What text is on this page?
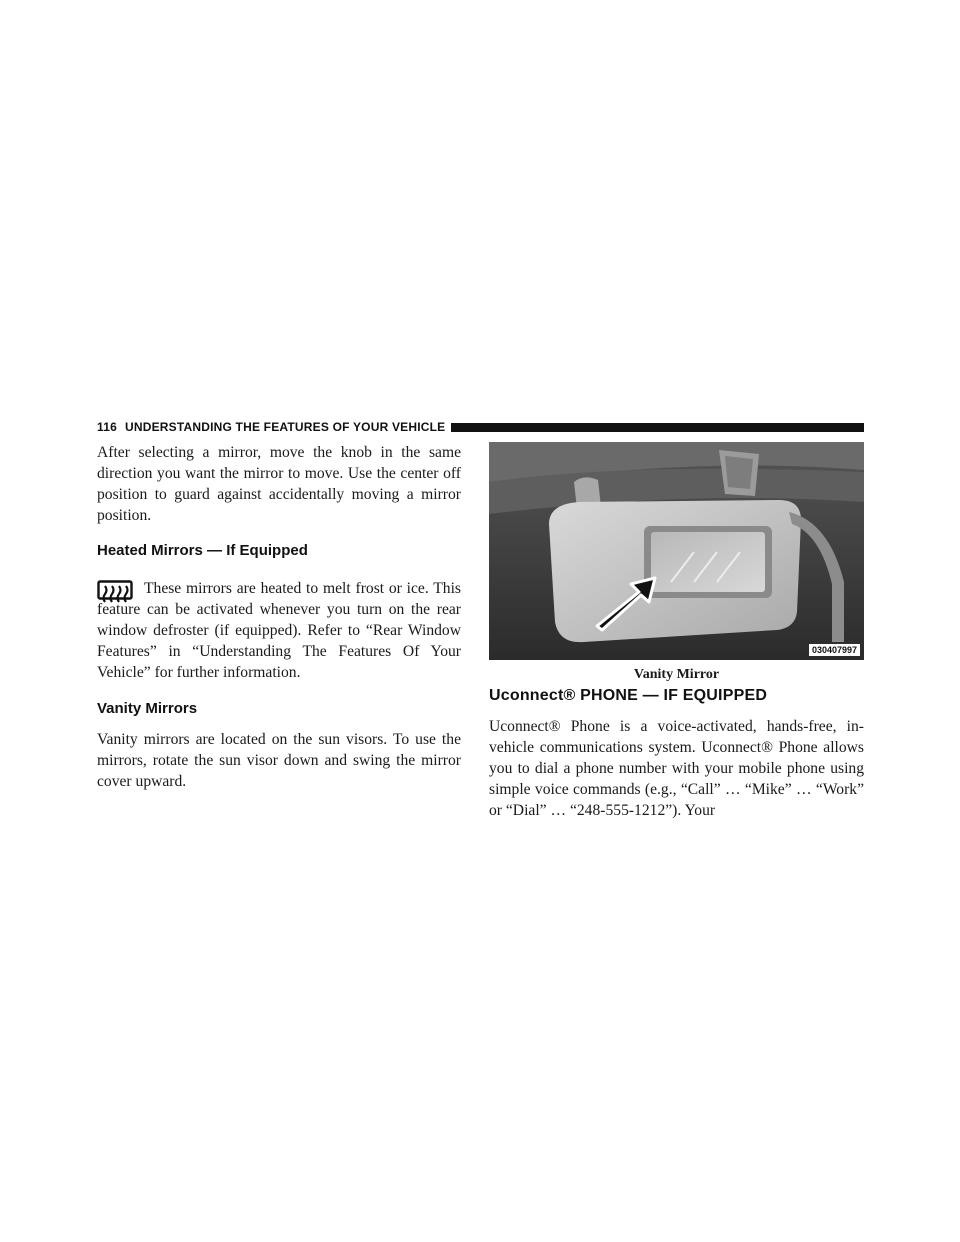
116 UNDERSTANDING THE FEATURES OF YOUR VEHICLE

After selecting a mirror, move the knob in the same direction you want the mirror to move. Use the center off position to guard against accidentally moving a mirror position.

Heated Mirrors — If Equipped

These mirrors are heated to melt frost or ice. This feature can be activated whenever you turn on the rear window defroster (if equipped). Refer to “Rear Window Features” in “Understanding The Features Of Your Vehicle” for further information.

Vanity Mirrors

Vanity mirrors are located on the sun visors. To use the mirrors, rotate the sun visor down and swing the mirror cover upward.

030407997
Vanity Mirror
Uconnect® PHONE — IF EQUIPPED

Uconnect® Phone is a voice-activated, hands-free, in-vehicle communications system. Uconnect® Phone allows you to dial a phone number with your mobile phone using simple voice commands (e.g., “Call” … “Mike” … “Work” or “Dial” … “248-555-1212”). Your
